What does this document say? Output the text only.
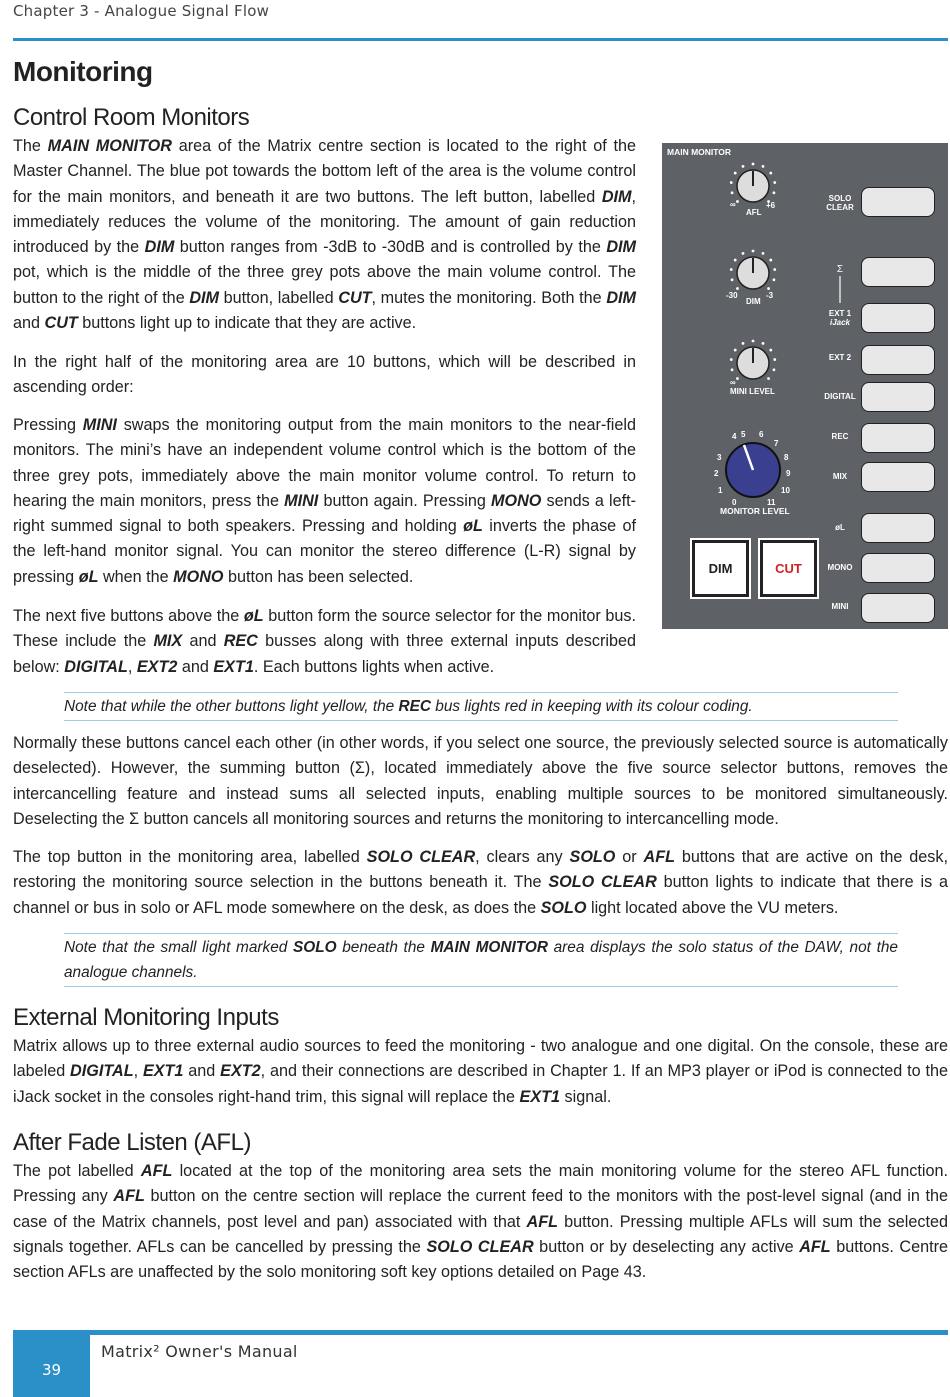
Chapter 3 - Analogue Signal Flow
Monitoring
Control Room Monitors

The MAIN MONITOR area of the Matrix centre section is located to the right of the Master Channel. The blue pot towards the bottom left of the area is the volume control for the main monitors, and beneath it are two buttons. The left button, labelled DIM, immediately reduces the volume of the monitoring. The amount of gain reduction introduced by the DIM button ranges from -3dB to -30dB and is controlled by the DIM pot, which is the middle of the three grey pots above the main volume control. The button to the right of the DIM button, labelled CUT, mutes the monitoring. Both the DIM and CUT buttons light up to indicate that they are active.

In the right half of the monitoring area are 10 buttons, which will be described in ascending order:

Pressing MINI swaps the monitoring output from the main monitors to the near-field monitors. The mini’s have an independent volume control which is the bottom of the three grey pots, immediately above the main monitor volume control. To return to hearing the main monitors, press the MINI button again. Pressing MONO sends a left-right summed signal to both speakers. Pressing and holding øL inverts the phase of the left-hand monitor signal. You can monitor the stereo difference (L-R) signal by pressing øL when the MONO button has been selected.

The next five buttons above the øL button form the source selector for the monitor bus. These include the MIX and REC busses along with three external inputs described below: DIGITAL, EXT2 and EXT1. Each buttons lights when active.

Note that while the other buttons light yellow, the REC bus lights red in keeping with its colour coding.

Normally these buttons cancel each other (in other words, if you select one source, the previously selected source is automatically deselected). However, the summing button (Σ), located immediately above the five source selector buttons, removes the intercancelling feature and instead sums all selected inputs, enabling multiple sources to be monitored simultaneously. Deselecting the Σ button cancels all monitoring sources and returns the monitoring to intercancelling mode.

The top button in the monitoring area, labelled SOLO CLEAR, clears any SOLO or AFL buttons that are active on the desk, restoring the monitoring source selection in the buttons beneath it. The SOLO CLEAR button lights to indicate that there is a channel or bus in solo or AFL mode somewhere on the desk, as does the SOLO light located above the VU meters.

Note that the small light marked SOLO beneath the MAIN MONITOR area displays the solo status of the DAW, not the analogue channels.

External Monitoring Inputs

Matrix allows up to three external audio sources to feed the monitoring - two analogue and one digital. On the console, these are labeled DIGITAL, EXT1 and EXT2, and their connections are described in Chapter 1. If an MP3 player or iPod is connected to the iJack socket in the consoles right-hand trim, this signal will replace the EXT1 signal.

After Fade Listen (AFL)

The pot labelled AFL located at the top of the monitoring area sets the main monitoring volume for the stereo AFL function. Pressing any AFL button on the centre section will replace the current feed to the monitors with the post-level signal (and in the case of the Matrix channels, post level and pan) associated with that AFL button. Pressing multiple AFLs will sum the selected signals together. AFLs can be cancelled by pressing the SOLO CLEAR button or by deselecting any active AFL buttons. Centre section AFLs are unaffected by the solo monitoring soft key options detailed on Page 43.

MAIN MONITOR
∞
AFL
+6
-30
DIM
-3
∞
MINI LEVEL
4 5 6
7
3	8
2	9
1	10
0	11
MONITOR LEVEL
SOLO
CLEAR
Σ
EXT 1
iJack
EXT 2
DIGITAL
REC
MIX
øL
MONO
MINI
DIM	CUT
39
Matrix² Owner's Manual
